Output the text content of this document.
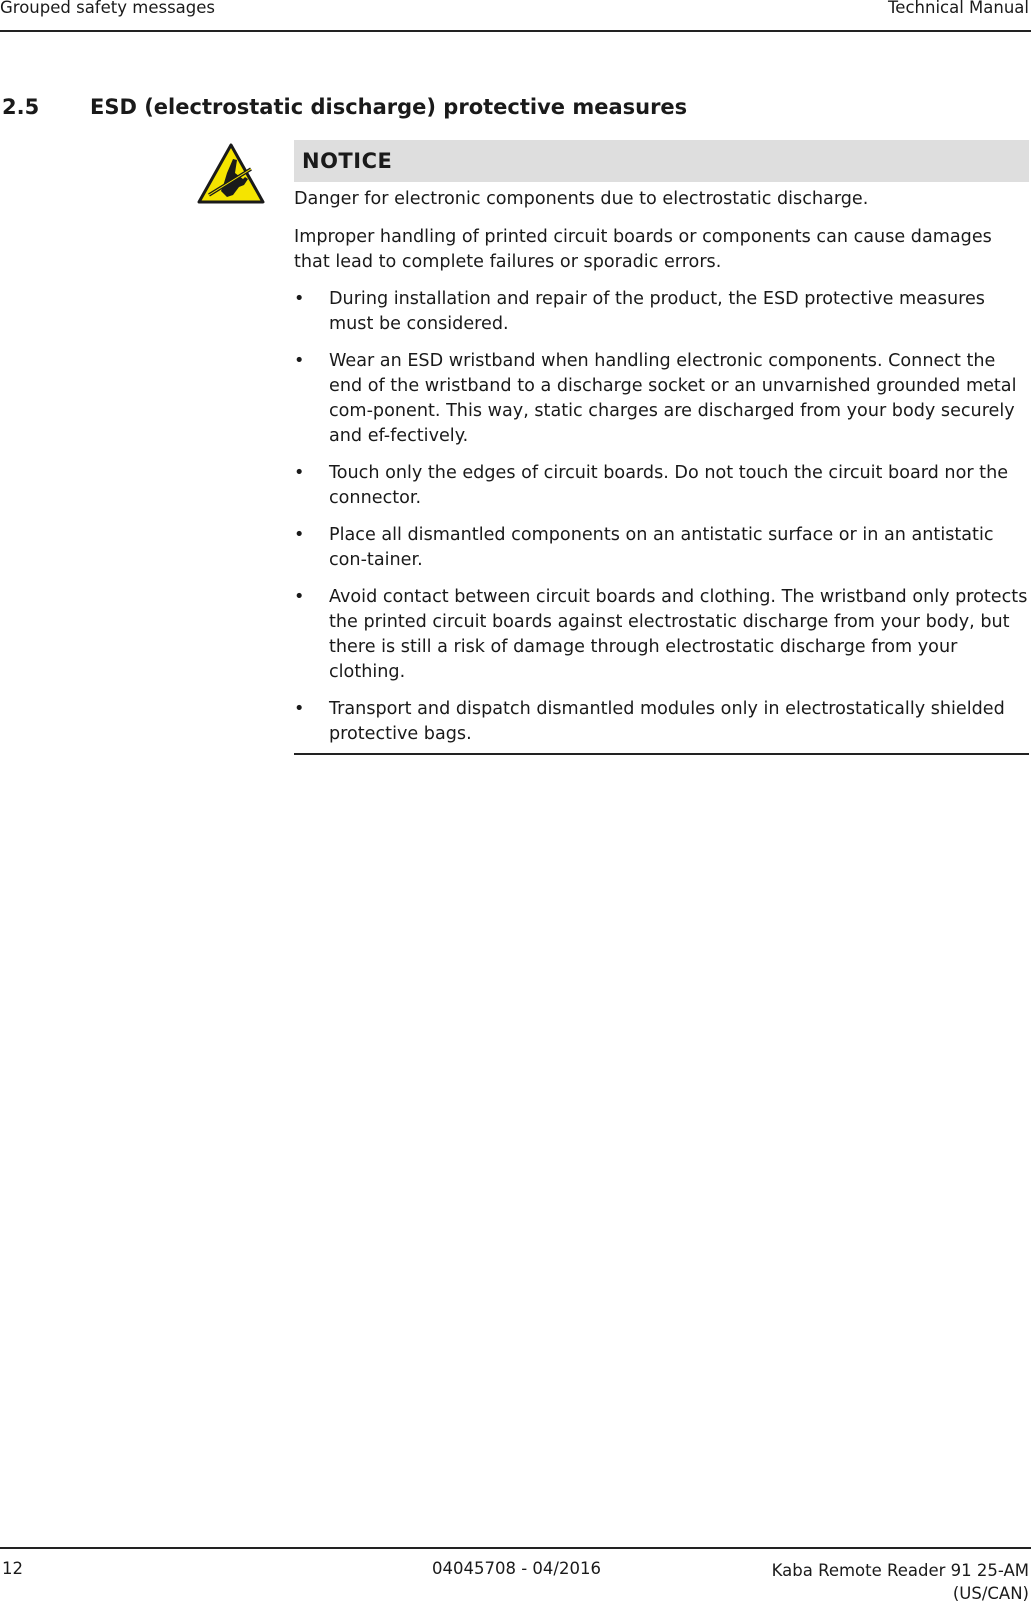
Grouped safety messages	Technical Manual
2.5 ESD (electrostatic discharge) protective measures
NOTICE

Danger for electronic components due to electrostatic discharge.

Improper handling of printed circuit boards or components can cause damages that lead to complete failures or sporadic errors.

• During installation and repair of the product, the ESD protective measures must be considered.
• Wear an ESD wristband when handling electronic components. Connect the end of the wristband to a discharge socket or an unvarnished grounded metal com-ponent. This way, static charges are discharged from your body securely and ef-fectively.
• Touch only the edges of circuit boards. Do not touch the circuit board nor the connector.
• Place all dismantled components on an antistatic surface or in an antistatic con-tainer.
• Avoid contact between circuit boards and clothing. The wristband only protects the printed circuit boards against electrostatic discharge from your body, but there is still a risk of damage through electrostatic discharge from your clothing.
• Transport and dispatch dismantled modules only in electrostatically shielded protective bags.
12	04045708 - 04/2016	Kaba Remote Reader 91 25-AM (US/CAN)
